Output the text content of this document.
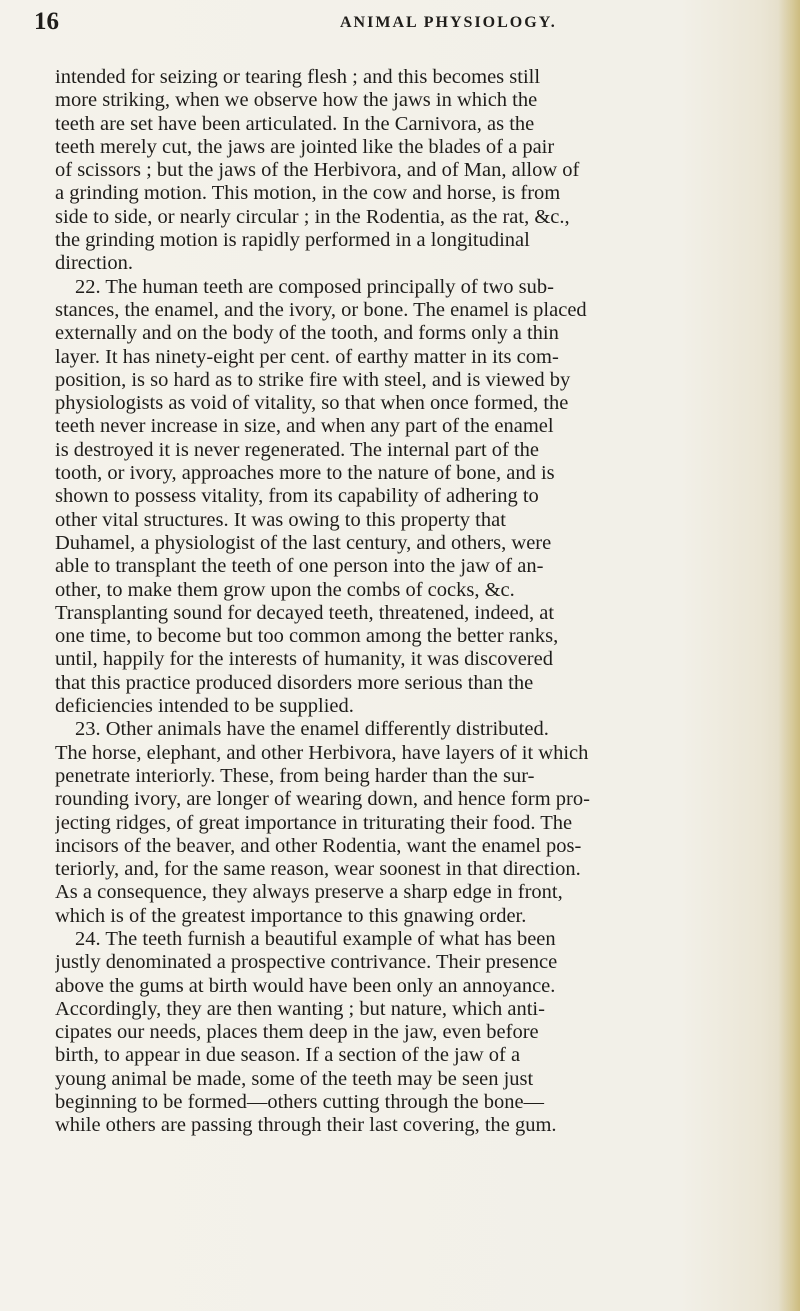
16	ANIMAL PHYSIOLOGY.
intended for seizing or tearing flesh ; and this becomes still
more striking, when we observe how the jaws in which the
teeth are set have been articulated. In the Carnivora, as the
teeth merely cut, the jaws are jointed like the blades of a pair
of scissors ; but the jaws of the Herbivora, and of Man, allow of
a grinding motion. This motion, in the cow and horse, is from
side to side, or nearly circular ; in the Rodentia, as the rat, &c.,
the grinding motion is rapidly performed in a longitudinal
direction.
22. The human teeth are composed principally of two sub-
stances, the enamel, and the ivory, or bone. The enamel is placed
externally and on the body of the tooth, and forms only a thin
layer. It has ninety-eight per cent. of earthy matter in its com-
position, is so hard as to strike fire with steel, and is viewed by
physiologists as void of vitality, so that when once formed, the
teeth never increase in size, and when any part of the enamel
is destroyed it is never regenerated. The internal part of the
tooth, or ivory, approaches more to the nature of bone, and is
shown to possess vitality, from its capability of adhering to
other vital structures. It was owing to this property that
Duhamel, a physiologist of the last century, and others, were
able to transplant the teeth of one person into the jaw of an-
other, to make them grow upon the combs of cocks, &c.
Transplanting sound for decayed teeth, threatened, indeed, at
one time, to become but too common among the better ranks,
until, happily for the interests of humanity, it was discovered
that this practice produced disorders more serious than the
deficiencies intended to be supplied.
23. Other animals have the enamel differently distributed.
The horse, elephant, and other Herbivora, have layers of it which
penetrate interiorly. These, from being harder than the sur-
rounding ivory, are longer of wearing down, and hence form pro-
jecting ridges, of great importance in triturating their food. The
incisors of the beaver, and other Rodentia, want the enamel pos-
teriorly, and, for the same reason, wear soonest in that direction.
As a consequence, they always preserve a sharp edge in front,
which is of the greatest importance to this gnawing order.
24. The teeth furnish a beautiful example of what has been
justly denominated a prospective contrivance. Their presence
above the gums at birth would have been only an annoyance.
Accordingly, they are then wanting ; but nature, which anti-
cipates our needs, places them deep in the jaw, even before
birth, to appear in due season. If a section of the jaw of a
young animal be made, some of the teeth may be seen just
beginning to be formed—others cutting through the bone—
while others are passing through their last covering, the gum.
